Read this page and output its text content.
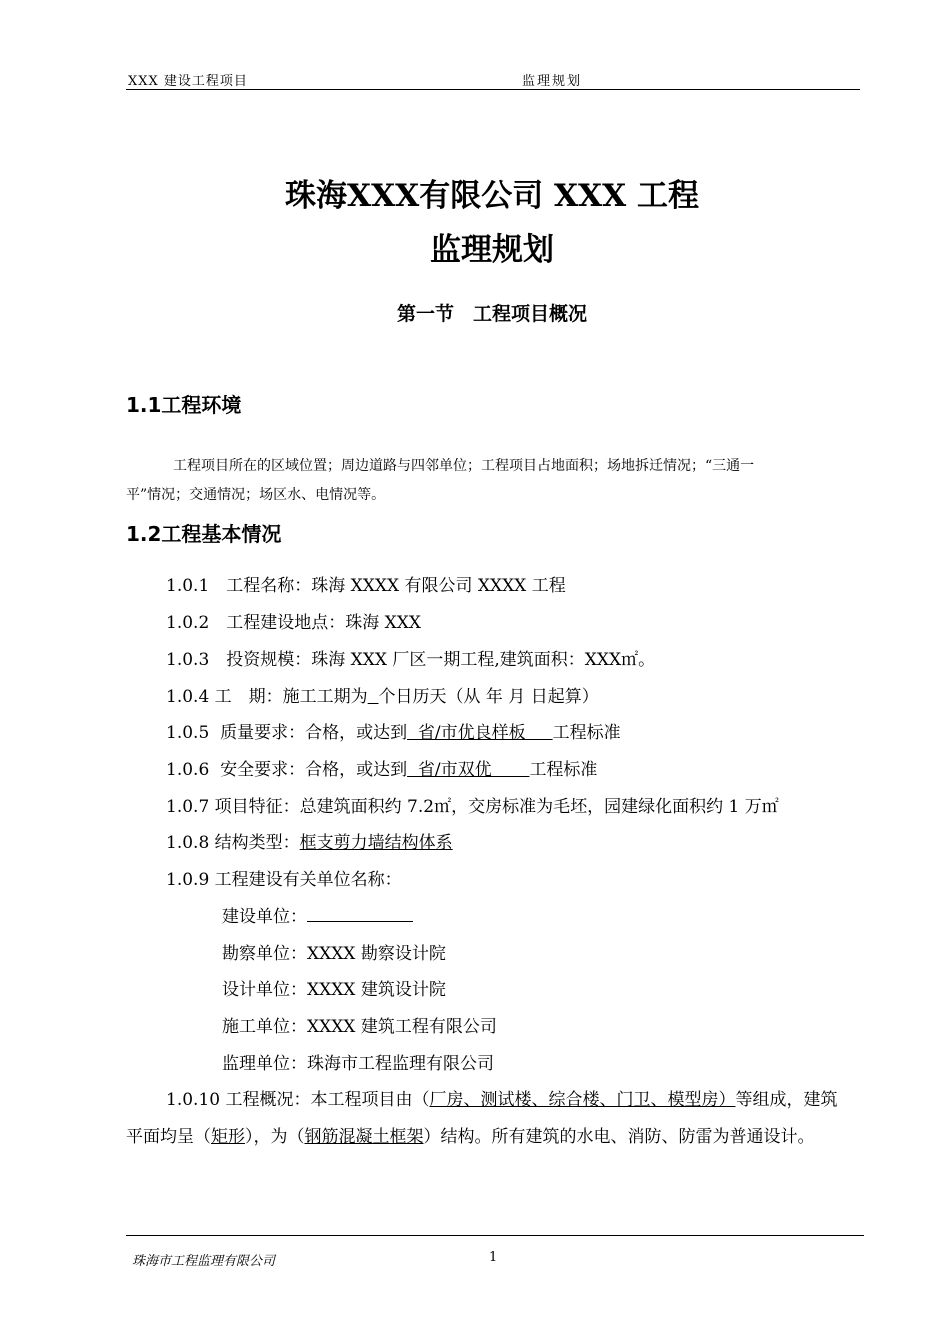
XXX 建设工程项目	监理规划
珠海XXX有限公司 XXX 工程
监理规划
第一节　工程项目概况
1.1工程环境
工程项目所在的区域位置；周边道路与四邻单位；工程项目占地面积；场地拆迁情况；“三通一
平”情况；交通情况；场区水、电情况等。
1.2工程基本情况
1.0.1　工程名称：珠海 XXXX 有限公司 XXXX 工程
1.0.2　工程建设地点：珠海 XXX
1.0.3　投资规模：珠海 XXX 厂区一期工程,建筑面积：XXX㎡。
1.0.4 工　期：施工工期为 个日历天（从 年 月 日起算）
1.0.5  质量要求：合格，或达到  省/市优良样板     工程标准
1.0.6  安全要求：合格，或达到  省/市双优       工程标准
1.0.7 项目特征：总建筑面积约 7.2㎡，交房标准为毛坯，园建绿化面积约 1 万㎡
1.0.8 结构类型：框支剪力墙结构体系
1.0.9 工程建设有关单位名称：
建设单位：
勘察单位：XXXX 勘察设计院
设计单位：XXXX 建筑设计院
施工单位：XXXX 建筑工程有限公司
监理单位：珠海市工程监理有限公司
1.0.10 工程概况：本工程项目由（厂房、测试楼、综合楼、门卫、模型房）等组成，建筑
平面均呈（矩形），为（钢筋混凝土框架）结构。所有建筑的水电、消防、防雷为普通设计。
珠海市工程监理有限公司	1
